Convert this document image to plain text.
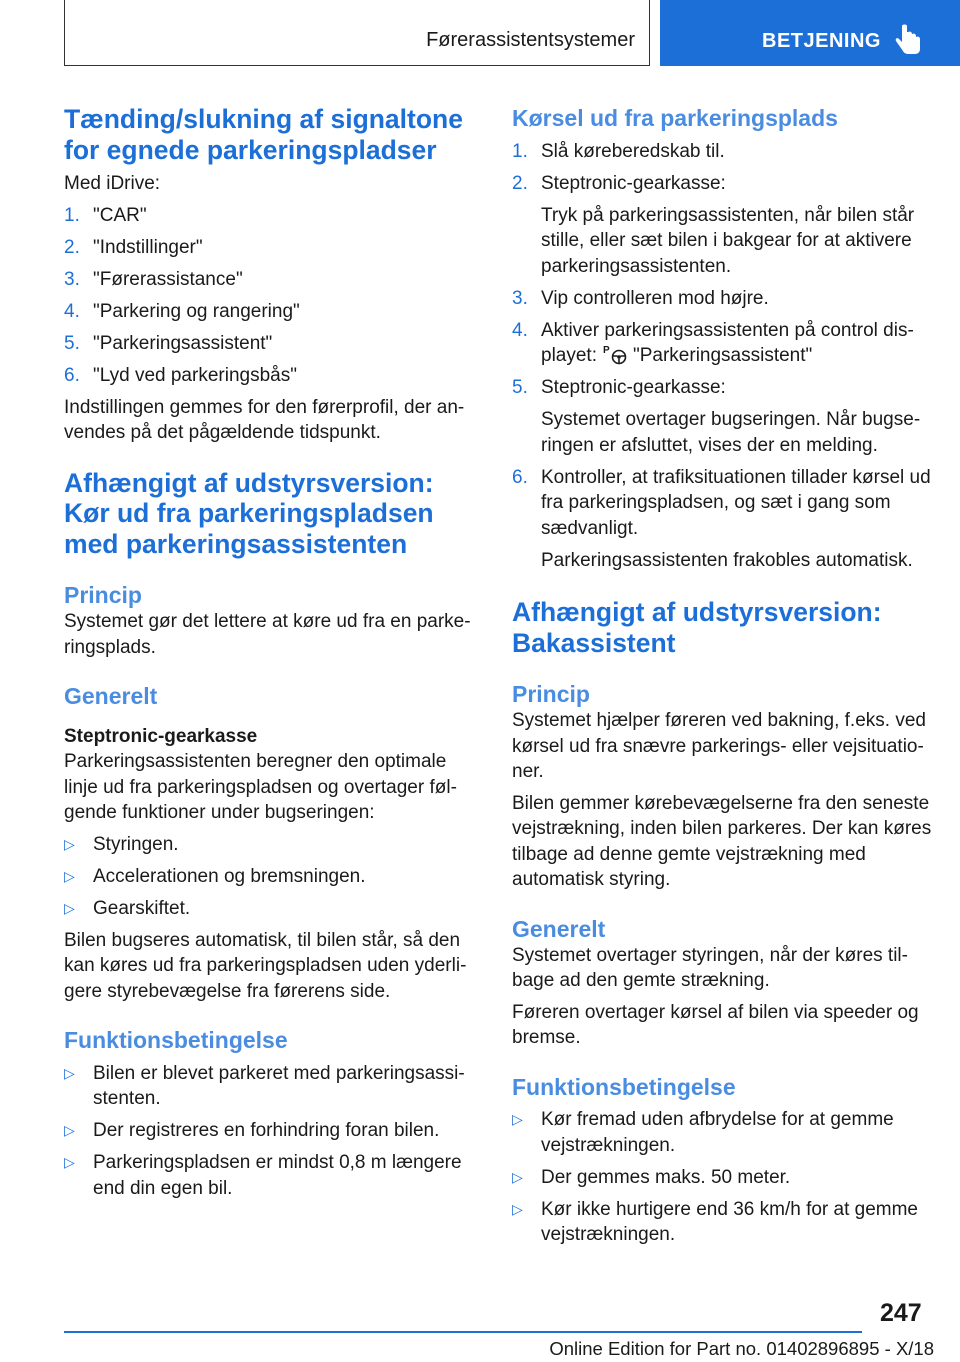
Førerassistentsystemer	BETJENING
Tænding/slukning af signaltone for egnede parkeringspladser

Med iDrive:

1. "CAR"
2. "Indstillinger"
3. "Førerassistance"
4. "Parkering og rangering"
5. "Parkeringsassistent"
6. "Lyd ved parkeringsbås"

Indstillingen gemmes for den førerprofil, der anvendes på det pågældende tidspunkt.

Afhængigt af udstyrsversion: Kør ud fra parkeringspladsen med parkeringsassistenten
Princip

Systemet gør det lettere at køre ud fra en parkeringsplads.

Generelt
Steptronic-gearkasse

Parkeringsassistenten beregner den optimale linje ud fra parkeringspladsen og overtager følgende funktioner under bugseringen:

▷ Styringen.
▷ Accelerationen og bremsningen.
▷ Gearskiftet.

Bilen bugseres automatisk, til bilen står, så den kan køres ud fra parkeringspladsen uden yderligere styrebevægelse fra førerens side.

Funktionsbetingelse
▷ Bilen er blevet parkeret med parkeringsassistenten.
▷ Der registreres en forhindring foran bilen.
▷ Parkeringspladsen er mindst 0,8 m længere end din egen bil.
Kørsel ud fra parkeringsplads
1. Slå køreberedskab til.
2. Steptronic-gearkasse:
Tryk på parkeringsassistenten, når bilen står stille, eller sæt bilen i bakgear for at aktivere parkeringsassistenten.
3. Vip controlleren mod højre.
4. Aktiver parkeringsassistenten på control displayet: P "Parkeringsassistent"
5. Steptronic-gearkasse:
Systemet overtager bugseringen. Når bugseringen er afsluttet, vises der en melding.
6. Kontroller, at trafiksituationen tillader kørsel ud fra parkeringspladsen, og sæt i gang som sædvanligt.
Parkeringsassistenten frakobles automatisk.
Afhængigt af udstyrsversion: Bakassistent
Princip

Systemet hjælper føreren ved bakning, f.eks. ved kørsel ud fra snævre parkerings- eller vejsituationer.

Bilen gemmer kørebevægelserne fra den seneste vejstrækning, inden bilen parkeres. Der kan køres tilbage ad denne gemte vejstrækning med automatisk styring.

Generelt

Systemet overtager styringen, når der køres tilbage ad den gemte strækning.

Føreren overtager kørsel af bilen via speeder og bremse.

Funktionsbetingelse
▷ Kør fremad uden afbrydelse for at gemme vejstrækningen.
▷ Der gemmes maks. 50 meter.
▷ Kør ikke hurtigere end 36 km/h for at gemme vejstrækningen.
247
Online Edition for Part no. 01402896895 - X/18
